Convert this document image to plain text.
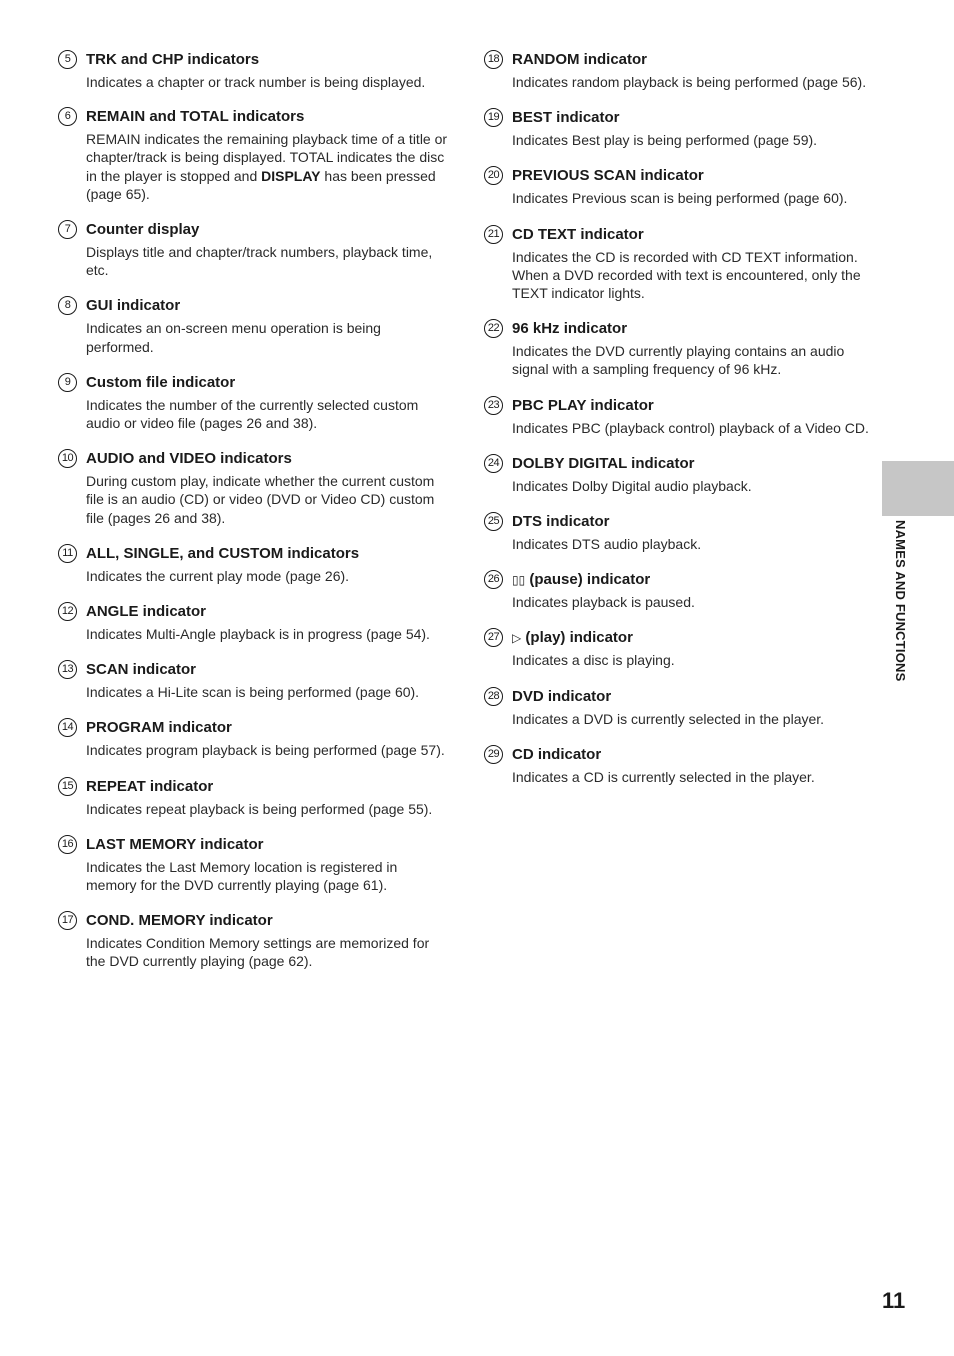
5	TRK and CHP indicators
Indicates a chapter or track number is being displayed.
6	REMAIN and TOTAL indicators
REMAIN indicates the remaining playback time of a title or chapter/track is being displayed. TOTAL indicates the disc in the player is stopped and DISPLAY has been pressed (page 65).
7	Counter display
Displays title and chapter/track numbers, playback time, etc.
8	GUI indicator
Indicates an on-screen menu operation is being performed.
9	Custom file indicator
Indicates the number of the currently selected custom audio or video file (pages 26 and 38).
10 AUDIO and VIDEO indicators
During custom play, indicate whether the current custom file is an audio (CD) or video (DVD or Video CD) custom file (pages 26 and 38).
11 ALL, SINGLE, and CUSTOM indicators
Indicates the current play mode (page 26).
12 ANGLE indicator
Indicates Multi-Angle playback is in progress (page 54).
13 SCAN indicator
Indicates a Hi-Lite scan is being performed (page 60).
14 PROGRAM indicator
Indicates program playback is being performed (page 57).
15 REPEAT indicator
Indicates repeat playback is being performed (page 55).
16 LAST MEMORY indicator
Indicates the Last Memory location is registered in memory for the DVD currently playing (page 61).
17 COND. MEMORY indicator
Indicates Condition Memory settings are memorized for the DVD currently playing (page 62).
18 RANDOM indicator
Indicates random playback is being performed (page 56).
19 BEST indicator
Indicates Best play is being performed (page 59).
20 PREVIOUS SCAN indicator
Indicates Previous scan is being performed (page 60).
21 CD TEXT indicator
Indicates the CD is recorded with CD TEXT information. When a DVD recorded with text is encountered, only the TEXT indicator lights.
22 96 kHz indicator
Indicates the DVD currently playing contains an audio signal with a sampling frequency of 96 kHz.
23 PBC PLAY indicator
Indicates PBC (playback control) playback of a Video CD.
24 DOLBY DIGITAL indicator
Indicates Dolby Digital audio playback.
25 DTS indicator
Indicates DTS audio playback.
26	▯▯ (pause) indicator
Indicates playback is paused.
27	▷ (play) indicator
Indicates a disc is playing.
28 DVD indicator
Indicates a DVD is currently selected in the player.
29 CD indicator
Indicates a CD is currently selected in the player.
NAMES AND FUNCTIONS
11
